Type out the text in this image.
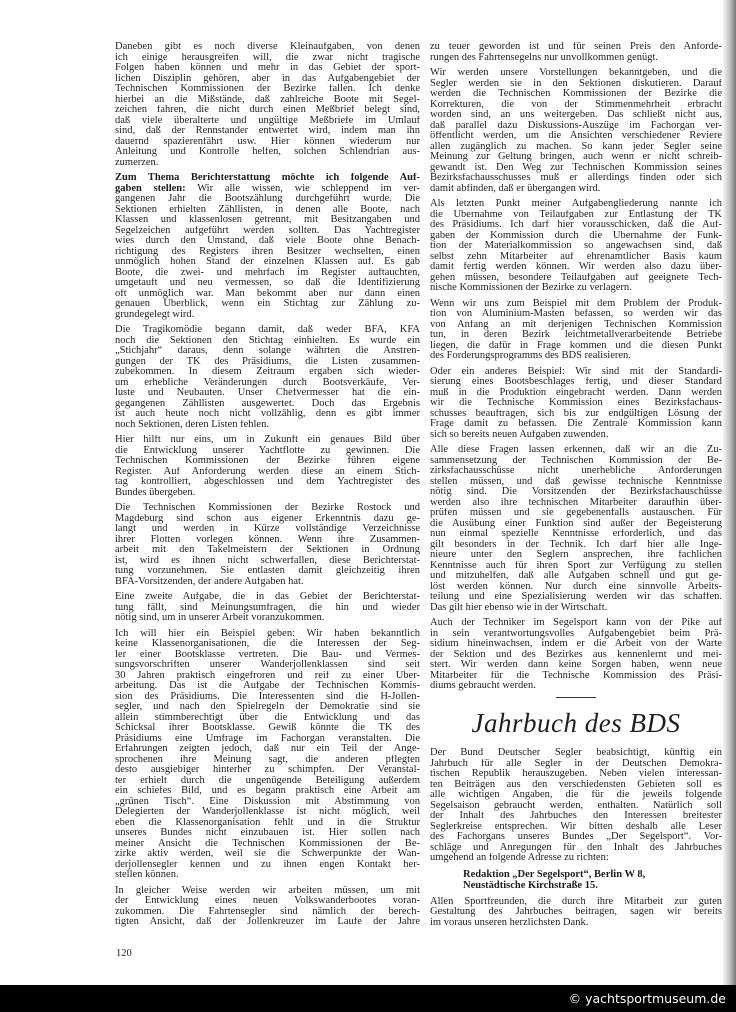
Daneben gibt es noch diverse Kleinaufgaben, von denen
ich einige herausgreifen will, die zwar nicht tragische
Folgen haben können und mehr in das Gebiet der sport-
lichen Disziplin gehören, aber in das Aufgabengebiet der
Technischen Kommissionen der Bezirke fallen. Ich denke
hierbei an die Mißstände, daß zahlreiche Boote mit Segel-
zeichen fahren, die nicht durch einen Meßbrief belegt sind,
daß viele überalterte und ungültige Meßbriefe im Umlauf
sind, daß der Rennstander entwertet wird, indem man ihn
dauernd spazierenfährt usw. Hier können wiederum nur
Anleitung und Kontrolle helfen, solchen Schlendrian aus-
zumerzen.
Zum Thema Berichterstattung möchte ich folgende Auf-
gaben stellen: Wir alle wissen, wie schleppend im ver-
gangenen Jahr die Bootszählung durchgeführt wurde. Die
Sektionen erhielten Zähllisten, in denen alle Boote, nach
Klassen und klassenlosen getrennt, mit Besitzangaben und
Segelzeichen aufgeführt werden sollten. Das Yachtregister
wies durch den Umstand, daß viele Boote ohne Benach-
richtigung des Registers ihren Besitzer wechselten, einen
unmöglich hohen Stand der einzelnen Klassen auf. Es gab
Boote, die zwei- und mehrfach im Register auftauchten,
umgetauft und neu vermessen, so daß die Identifizierung
oft unmöglich war. Man bekommt aber nur dann einen
genauen Überblick, wenn ein Stichtag zur Zählung zu-
grundegelegt wird.
Die Tragikomödie begann damit, daß weder BFA, KFA
noch die Sektionen den Stichtag einhielten. Es wurde ein
„Stichjahr“ daraus, denn solange währten die Anstren-
gungen der TK des Präsidiums, die Listen zusammen-
zubekommen. In diesem Zeitraum ergaben sich wieder-
um erhebliche Veränderungen durch Bootsverkäufe, Ver-
luste und Neubauten. Unser Chefvermesser hat die ein-
gegangenen Zähllisten ausgewertet. Doch das Ergebnis
ist auch heute noch nicht vollzählig, denn es gibt immer
noch Sektionen, deren Listen fehlen.
Hier hilft nur eins, um in Zukunft ein genaues Bild über
die Entwicklung unserer Yachtflotte zu gewinnen. Die
Technischen Kommissionen der Bezirke führen eigene
Register. Auf Anforderung werden diese an einem Stich-
tag kontrolliert, abgeschlossen und dem Yachtregister des
Bundes übergeben.
Die Technischen Kommissionen der Bezirke Rostock und
Magdeburg sind schon aus eigener Erkenntnis dazu ge-
langt und werden in Kürze vollständige Verzeichnisse
ihrer Flotten vorlegen können. Wenn ihre Zusammen-
arbeit mit den Takelmeistern der Sektionen in Ordnung
ist, wird es ihnen nicht schwerfallen, diese Berichterstat-
tung vorzunehmen. Sie entlasten damit gleichzeitig ihren
BFA-Vorsitzenden, der andere Aufgaben hat.
Eine zweite Aufgabe, die in das Gebiet der Berichterstat-
tung fällt, sind Meinungsumfragen, die hin und wieder
nötig sind, um in unserer Arbeit voranzukommen.
Ich will hier ein Beispiel geben: Wir haben bekanntlich
keine Klassenorganisationen, die die Interessen der Seg-
ler einer Bootsklasse vertreten. Die Bau- und Vermes-
sungsvorschriften unserer Wanderjollenklassen sind seit
30 Jahren praktisch eingefroren und reif zu einer Über-
arbeitung. Das ist die Aufgabe der Technischen Kommis-
sion des Präsidiums. Die Interessenten sind die H-Jollen-
segler, und nach den Spielregeln der Demokratie sind sie
allein stimmberechtigt über die Entwicklung und das
Schicksal ihrer Bootsklasse. Gewiß könnte die TK des
Präsidiums eine Umfrage im Fachorgan veranstalten. Die
Erfahrungen zeigten jedoch, daß nur ein Teil der Ange-
sprochenen ihre Meinung sagt, die anderen pflegten
desto ausgiebiger hinterher zu schimpfen. Der Veranstal-
ter erhielt durch die ungenügende Beteiligung außerdem
ein schiefes Bild, und es begann praktisch eine Arbeit am
„grünen Tisch“. Eine Diskussion mit Abstimmung von
Delegierten der Wanderjollenklasse ist nicht möglich, weil
eben die Klassenorganisation fehlt und in die Struktur
unseres Bundes nicht einzubauen ist. Hier sollen nach
meiner Ansicht die Technischen Kommissionen der Be-
zirke aktiv werden, weil sie die Schwerpunkte der Wan-
derjollensegler kennen und zu ihnen engen Kontakt her-
stellen können.
In gleicher Weise werden wir arbeiten müssen, um mit
der Entwicklung eines neuen Volkswanderbootes voran-
zukommen. Die Fahrtensegler sind nämlich der berech-
tigten Ansicht, daß der Jollenkreuzer im Laufe der Jahre
zu teuer geworden ist und für seinen Preis den Anforde-
rungen des Fahrtensegelns nur unvollkommen genügt.
Wir werden unsere Vorstellungen bekanntgeben, und die
Segler werden sie in den Sektionen diskutieren. Darauf
werden die Technischen Kommissionen der Bezirke die
Korrekturen, die von der Stimmenmehrheit erbracht
worden sind, an uns weitergeben. Das schließt nicht aus,
daß parallel dazu Diskussions-Auszüge im Fachorgan ver-
öffentlicht werden, um die Ansichten verschiedener Reviere
allen zugänglich zu machen. So kann jeder Segler seine
Meinung zur Geltung bringen, auch wenn er nicht schreib-
gewandt ist. Den Weg zur Technischen Kommission seines
Bezirksfachausschusses muß er allerdings finden oder sich
damit abfinden, daß er übergangen wird.
Als letzten Punkt meiner Aufgabengliederung nannte ich
die Übernahme von Teilaufgaben zur Entlastung der TK
des Präsidiums. Ich darf hier vorausschicken, daß die Auf-
gaben der Kommission durch die Übernahme der Funk-
tion der Materialkommission so angewachsen sind, daß
selbst zehn Mitarbeiter auf ehrenamtlicher Basis kaum
damit fertig werden können. Wir werden also dazu über-
gehen müssen, besondere Teilaufgaben auf geeignete Tech-
nische Kommissionen der Bezirke zu verlagern.
Wenn wir uns zum Beispiel mit dem Problem der Produk-
tion von Aluminium-Masten befassen, so werden wir das
von Anfang an mit derjenigen Technischen Kommission
tun, in deren Bezirk leichtmetallverarbeitende Betriebe
liegen, die dafür in Frage kommen und die diesen Punkt
des Forderungsprogramms des BDS realisieren.
Oder ein anderes Beispiel: Wir sind mit der Standardi-
sierung eines Bootsbeschlages fertig, und dieser Standard
muß in die Produktion eingebracht werden. Dann werden
wir die Technische Kommission eines Bezirksfachaus-
schusses beauftragen, sich bis zur endgültigen Lösung der
Frage damit zu befassen. Die Zentrale Kommission kann
sich so bereits neuen Aufgaben zuwenden.
Alle diese Fragen lassen erkennen, daß wir an die Zu-
sammensetzung der Technischen Kommission der Be-
zirksfachausschüsse nicht unerhebliche Anforderungen
stellen müssen, und daß gewisse technische Kenntnisse
nötig sind. Die Vorsitzenden der Bezirksfachauschüsse
werden also ihre technischen Mitarbeiter daraufhin über-
prüfen müssen und sie gegebenenfalls austauschen. Für
die Ausübung einer Funktion sind außer der Begeisterung
nun einmal spezielle Kenntnisse erforderlich, und das
gilt besonders in der Technik. Ich darf hier alle Inge-
nieure unter den Seglern ansprechen, ihre fachlichen
Kenntnisse auch für ihren Sport zur Verfügung zu stellen
und mitzuhelfen, daß alle Aufgaben schnell und gut ge-
löst werden können. Nur durch eine sinnvolle Arbeits-
teilung und eine Spezialisierung werden wir das schaffen.
Das gilt hier ebenso wie in der Wirtschaft.
Auch der Techniker im Segelsport kann von der Pike auf
in sein verantwortungsvolles Aufgabengebiet beim Prä-
sidium hineinwachsen, indem er die Arbeit von der Warte
der Sektion und des Bezirkes aus kennenlernt und mei-
stert. Wir werden dann keine Sorgen haben, wenn neue
Mitarbeiter für die Technische Kommission des Präsi-
diums gebraucht werden.
Jahrbuch des BDS
Der Bund Deutscher Segler beabsichtigt, künftig ein
Jahrbuch für alle Segler in der Deutschen Demokra-
tischen Republik herauszugeben. Neben vielen interessan-
ten Beiträgen aus den verschiedensten Gebieten soll es
alle wichtigen Angaben, die für die jeweils folgende
Segelsaison gebraucht werden, enthalten. Natürlich soll
der Inhalt des Jahrbuches den Interessen breitester
Seglerkreise entsprechen. Wir bitten deshalb alle Leser
des Fachorgans unseres Bundes „Der Segelsport“. Vor-
schläge und Anregungen für den Inhalt des Jahrbuches
umgehend an folgende Adresse zu richten:
Redaktion „Der Segelsport“, Berlin W 8,
Neustädtische Kirchstraße 15.
Allen Sportfreunden, die durch ihre Mitarbeit zur guten
Gestaltung des Jahrbuches beitragen, sagen wir bereits
im voraus unseren herzlichsten Dank.
120
© yachtsportmuseum.de
